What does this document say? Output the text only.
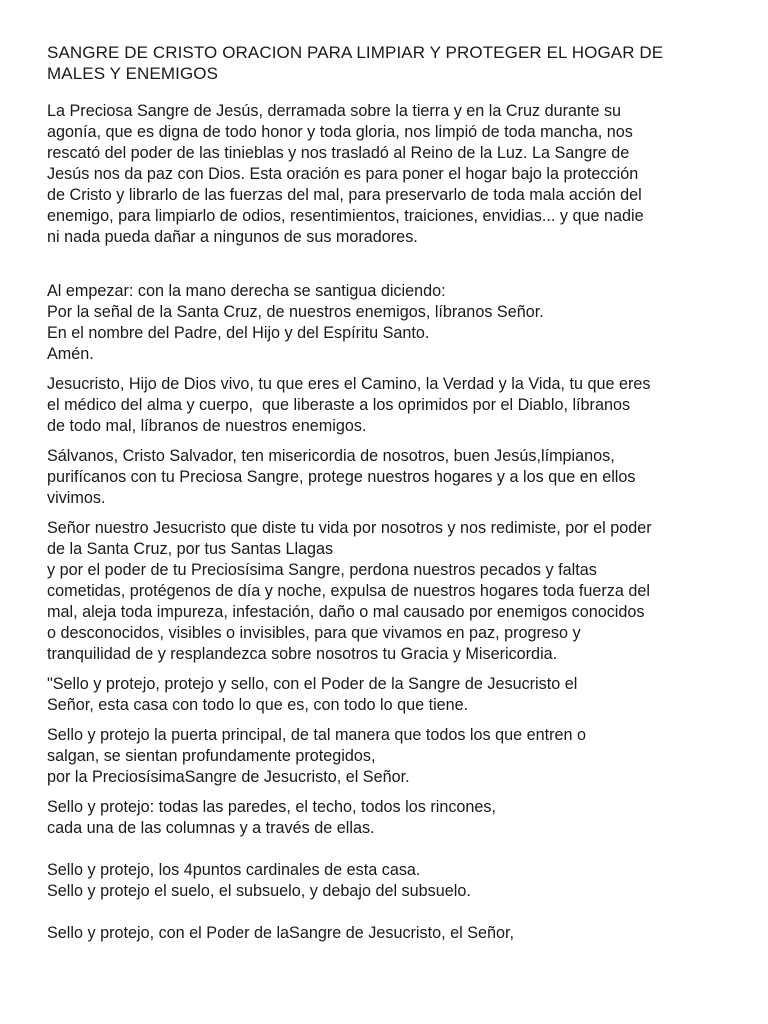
SANGRE DE CRISTO ORACION PARA LIMPIAR Y PROTEGER EL HOGAR DE
MALES Y ENEMIGOS
La Preciosa Sangre de Jesús, derramada sobre la tierra y en la Cruz durante su
agonía, que es digna de todo honor y toda gloria, nos limpió de toda mancha, nos
rescató del poder de las tinieblas y nos trasladó al Reino de la Luz. La Sangre de
Jesús nos da paz con Dios. Esta oración es para poner el hogar bajo la protección
de Cristo y librarlo de las fuerzas del mal, para preservarlo de toda mala acción del
enemigo, para limpiarlo de odios, resentimientos, traiciones, envidias... y que nadie
ni nada pueda dañar a ningunos de sus moradores.
Al empezar: con la mano derecha se santigua diciendo:
Por la señal de la Santa Cruz, de nuestros enemigos, líbranos Señor.
En el nombre del Padre, del Hijo y del Espíritu Santo.
Amén.
Jesucristo, Hijo de Dios vivo, tu que eres el Camino, la Verdad y la Vida, tu que eres
el médico del alma y cuerpo,  que liberaste a los oprimidos por el Diablo, líbranos
de todo mal, líbranos de nuestros enemigos.
Sálvanos, Cristo Salvador, ten misericordia de nosotros, buen Jesús,límpianos,
purifícanos con tu Preciosa Sangre, protege nuestros hogares y a los que en ellos
vivimos.
Señor nuestro Jesucristo que diste tu vida por nosotros y nos redimiste, por el poder
de la Santa Cruz, por tus Santas Llagas
y por el poder de tu Preciosísima Sangre, perdona nuestros pecados y faltas
cometidas, protégenos de día y noche, expulsa de nuestros hogares toda fuerza del
mal, aleja toda impureza, infestación, daño o mal causado por enemigos conocidos
o desconocidos, visibles o invisibles, para que vivamos en paz, progreso y
tranquilidad de y resplandezca sobre nosotros tu Gracia y Misericordia.
"Sello y protejo, protejo y sello, con el Poder de la Sangre de Jesucristo el
Señor, esta casa con todo lo que es, con todo lo que tiene.
Sello y protejo la puerta principal, de tal manera que todos los que entren o
salgan, se sientan profundamente protegidos,
por la PreciosísimaSangre de Jesucristo, el Señor.
Sello y protejo: todas las paredes, el techo, todos los rincones,
cada una de las columnas y a través de ellas.
Sello y protejo, los 4puntos cardinales de esta casa.
Sello y protejo el suelo, el subsuelo, y debajo del subsuelo.
Sello y protejo, con el Poder de laSangre de Jesucristo, el Señor,
